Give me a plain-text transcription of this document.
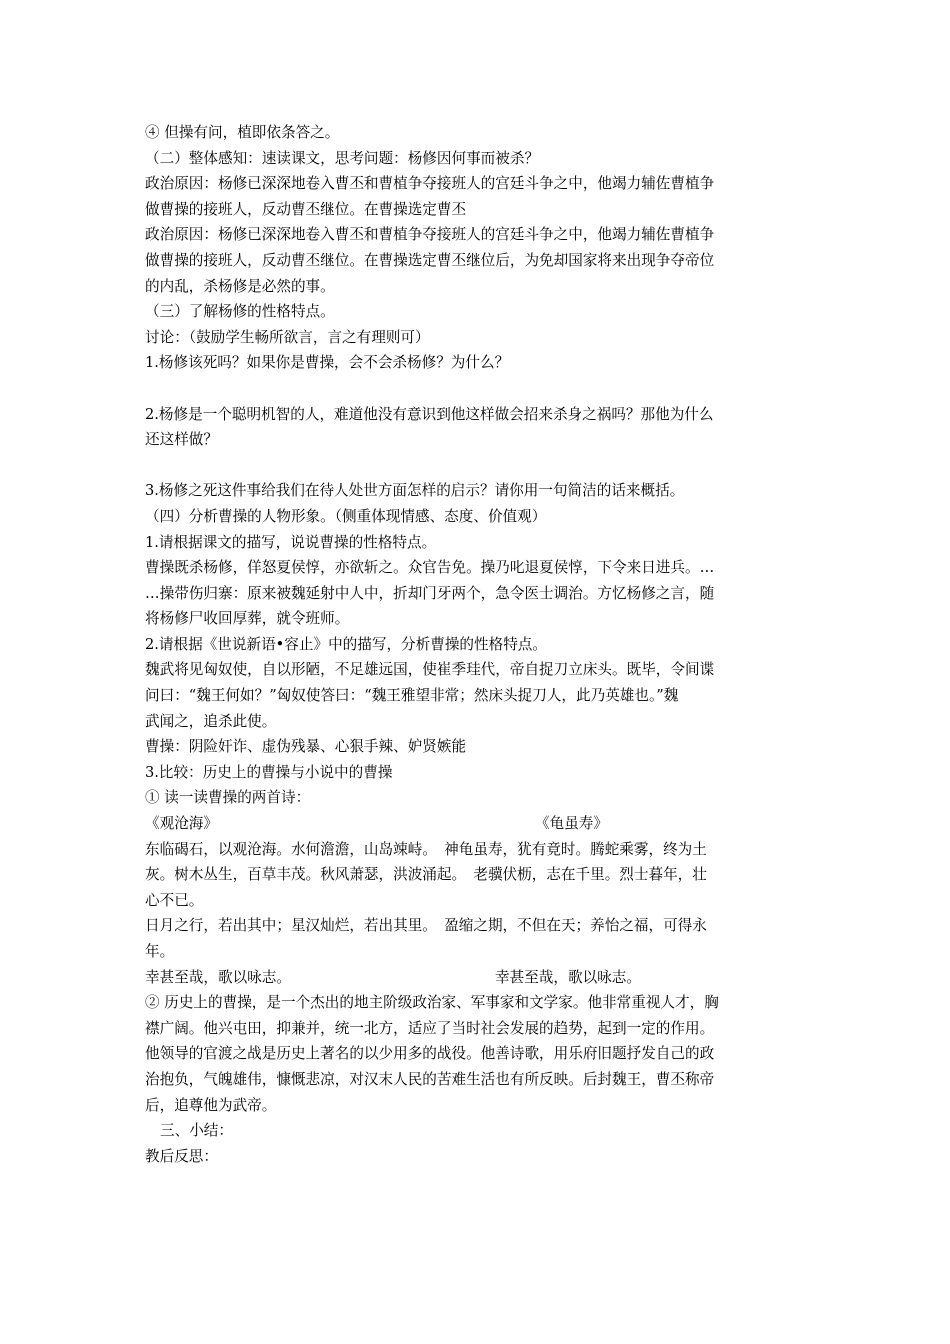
④ 但操有问，植即依条答之。
（二）整体感知：速读课文，思考问题：杨修因何事而被杀？
政治原因：杨修已深深地卷入曹丕和曹植争夺接班人的宫廷斗争之中，他竭力辅佐曹植争
做曹操的接班人，反动曹丕继位。在曹操选定曹丕
政治原因：杨修已深深地卷入曹丕和曹植争夺接班人的宫廷斗争之中，他竭力辅佐曹植争
做曹操的接班人，反动曹丕继位。在曹操选定曹丕继位后，为免却国家将来出现争夺帝位
的内乱，杀杨修是必然的事。
（三）了解杨修的性格特点。
讨论：（鼓励学生畅所欲言，言之有理则可）
1.杨修该死吗？如果你是曹操，会不会杀杨修？为什么？
2.杨修是一个聪明机智的人，难道他没有意识到他这样做会招来杀身之祸吗？那他为什么
还这样做？
3.杨修之死这件事给我们在待人处世方面怎样的启示？请你用一句简洁的话来概括。
（四）分析曹操的人物形象。（侧重体现情感、态度、价值观）
1.请根据课文的描写，说说曹操的性格特点。
曹操既杀杨修，佯怒夏侯惇，亦欲斩之。众官告免。操乃叱退夏侯惇，下令来日进兵。…
…操带伤归寨：原来被魏延射中人中，折却门牙两个，急令医士调治。方忆杨修之言，随
将杨修尸收回厚葬，就令班师。
2.请根据《世说新语•容止》中的描写，分析曹操的性格特点。
魏武将见匈奴使，自以形陋，不足雄远国，使崔季珪代，帝自捉刀立床头。既毕，令间谍
问曰：“魏王何如？”匈奴使答曰：“魏王雅望非常；然床头捉刀人，此乃英雄也。”魏
武闻之，追杀此使。
曹操：阴险奸诈、虚伪残暴、心狠手辣、妒贤嫉能
3.比较：历史上的曹操与小说中的曹操
① 读一读曹操的两首诗：
《观沧海》	《龟虽寿》
东临碣石，以观沧海。水何澹澹，山岛竦峙。　神龟虽寿，犹有竟时。腾蛇乘雾，终为土
灰。树木丛生，百草丰茂。秋风萧瑟，洪波涌起。　老骥伏枥，志在千里。烈士暮年，壮
心不已。
日月之行，若出其中；星汉灿烂，若出其里。　盈缩之期，不但在天；养怡之福，可得永
年。
幸甚至哉，歌以咏志。	幸甚至哉，歌以咏志。
② 历史上的曹操，是一个杰出的地主阶级政治家、军事家和文学家。他非常重视人才，胸
襟广阔。他兴屯田，抑兼并，统一北方，适应了当时社会发展的趋势，起到一定的作用。
他领导的官渡之战是历史上著名的以少用多的战役。他善诗歌，用乐府旧题抒发自己的政
治抱负，气魄雄伟，慷慨悲凉，对汉末人民的苦难生活也有所反映。后封魏王，曹丕称帝
后，追尊他为武帝。
三、小结：
教后反思：
